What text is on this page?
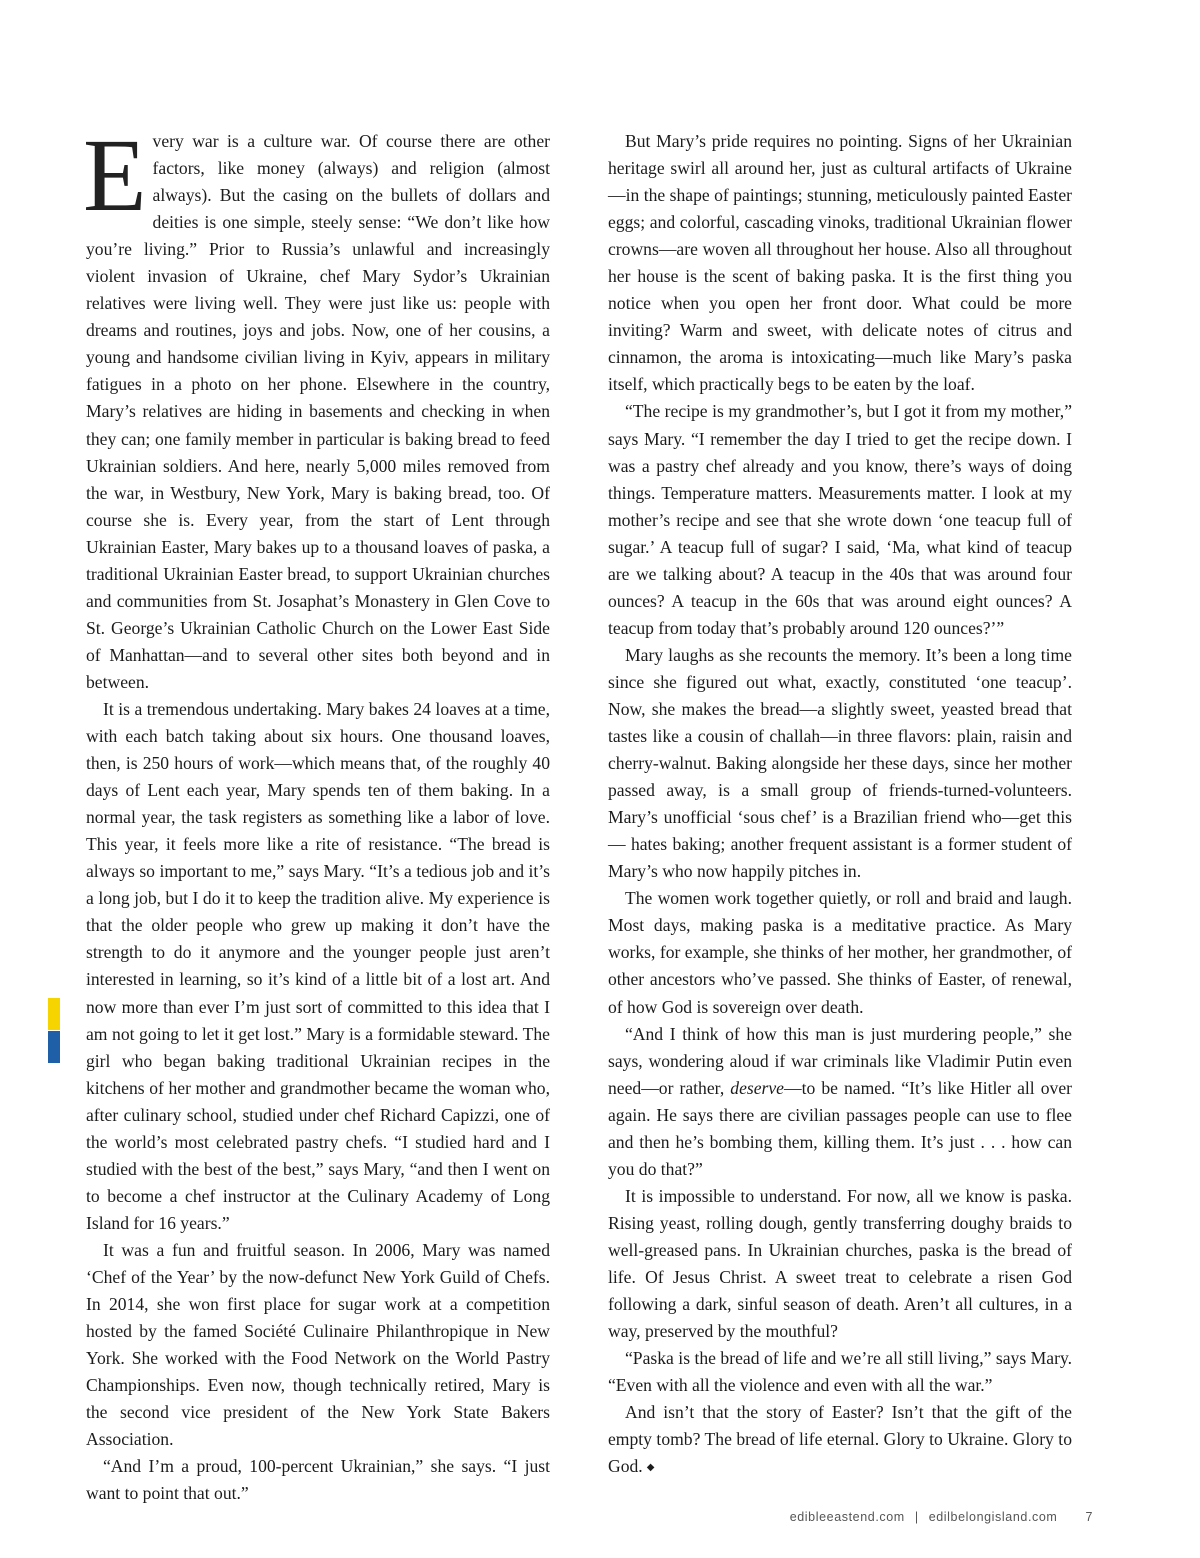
Every war is a culture war. Of course there are other factors, like money (always) and religion (almost always). But the casing on the bullets of dollars and deities is one simple, steely sense: “We don’t like how you’re living.” Prior to Russia’s unlawful and increasingly violent invasion of Ukraine, chef Mary Sydor’s Ukrainian relatives were living well. They were just like us: people with dreams and routines, joys and jobs. Now, one of her cousins, a young and handsome civilian living in Kyiv, appears in military fatigues in a photo on her phone. Elsewhere in the country, Mary’s relatives are hiding in basements and checking in when they can; one family member in particular is baking bread to feed Ukrainian soldiers. And here, nearly 5,000 miles removed from the war, in Westbury, New York, Mary is baking bread, too. Of course she is. Every year, from the start of Lent through Ukrainian Easter, Mary bakes up to a thousand loaves of paska, a traditional Ukrainian Easter bread, to support Ukrainian churches and communities from St. Josaphat’s Monastery in Glen Cove to St. George’s Ukrainian Catholic Church on the Lower East Side of Manhattan—and to several other sites both beyond and in between.

It is a tremendous undertaking. Mary bakes 24 loaves at a time, with each batch taking about six hours. One thousand loaves, then, is 250 hours of work—which means that, of the roughly 40 days of Lent each year, Mary spends ten of them baking. In a normal year, the task registers as something like a labor of love. This year, it feels more like a rite of resistance. “The bread is always so important to me,” says Mary. “It’s a tedious job and it’s a long job, but I do it to keep the tradition alive. My experience is that the older people who grew up making it don’t have the strength to do it anymore and the younger people just aren’t interested in learning, so it’s kind of a little bit of a lost art. And now more than ever I’m just sort of committed to this idea that I am not going to let it get lost.” Mary is a formidable steward. The girl who began baking traditional Ukrainian recipes in the kitchens of her mother and grandmother became the woman who, after culinary school, studied under chef Richard Capizzi, one of the world’s most celebrated pastry chefs. “I studied hard and I studied with the best of the best,” says Mary, “and then I went on to become a chef instructor at the Culinary Academy of Long Island for 16 years.”

It was a fun and fruitful season. In 2006, Mary was named ‘Chef of the Year’ by the now-defunct New York Guild of Chefs. In 2014, she won first place for sugar work at a competition hosted by the famed Société Culinaire Philanthropique in New York. She worked with the Food Network on the World Pastry Championships. Even now, though technically retired, Mary is the second vice president of the New York State Bakers Association.

“And I’m a proud, 100-percent Ukrainian,” she says. “I just want to point that out.”

But Mary’s pride requires no pointing. Signs of her Ukrainian heritage swirl all around her, just as cultural artifacts of Ukraine—in the shape of paintings; stunning, meticulously painted Easter eggs; and colorful, cascading vinoks, traditional Ukrainian flower crowns—are woven all throughout her house. Also all throughout her house is the scent of baking paska. It is the first thing you notice when you open her front door. What could be more inviting? Warm and sweet, with delicate notes of citrus and cinnamon, the aroma is intoxicating—much like Mary’s paska itself, which practically begs to be eaten by the loaf.

“The recipe is my grandmother’s, but I got it from my mother,” says Mary. “I remember the day I tried to get the recipe down. I was a pastry chef already and you know, there’s ways of doing things. Temperature matters. Measurements matter. I look at my mother’s recipe and see that she wrote down ‘one teacup full of sugar.’ A teacup full of sugar? I said, ‘Ma, what kind of teacup are we talking about? A teacup in the 40s that was around four ounces? A teacup in the 60s that was around eight ounces? A teacup from today that’s probably around 120 ounces?’”

Mary laughs as she recounts the memory. It’s been a long time since she figured out what, exactly, constituted ‘one teacup’. Now, she makes the bread—a slightly sweet, yeasted bread that tastes like a cousin of challah—in three flavors: plain, raisin and cherry-walnut. Baking alongside her these days, since her mother passed away, is a small group of friends-turned-volunteers. Mary’s unofficial ‘sous chef’ is a Brazilian friend who—get this— hates baking; another frequent assistant is a former student of Mary’s who now happily pitches in.

The women work together quietly, or roll and braid and laugh. Most days, making paska is a meditative practice. As Mary works, for example, she thinks of her mother, her grandmother, of other ancestors who’ve passed. She thinks of Easter, of renewal, of how God is sovereign over death.

“And I think of how this man is just murdering people,” she says, wondering aloud if war criminals like Vladimir Putin even need—or rather, deserve—to be named. “It’s like Hitler all over again. He says there are civilian passages people can use to flee and then he’s bombing them, killing them. It’s just . . . how can you do that?”

It is impossible to understand. For now, all we know is paska. Rising yeast, rolling dough, gently transferring doughy braids to well-greased pans. In Ukrainian churches, paska is the bread of life. Of Jesus Christ. A sweet treat to celebrate a risen God following a dark, sinful season of death. Aren’t all cultures, in a way, preserved by the mouthful?

“Paska is the bread of life and we’re all still living,” says Mary. “Even with all the violence and even with all the war.”

And isn’t that the story of Easter? Isn’t that the gift of the empty tomb? The bread of life eternal. Glory to Ukraine. Glory to God. ◆

edibleeastend.com | edilbelongisland.com 7
